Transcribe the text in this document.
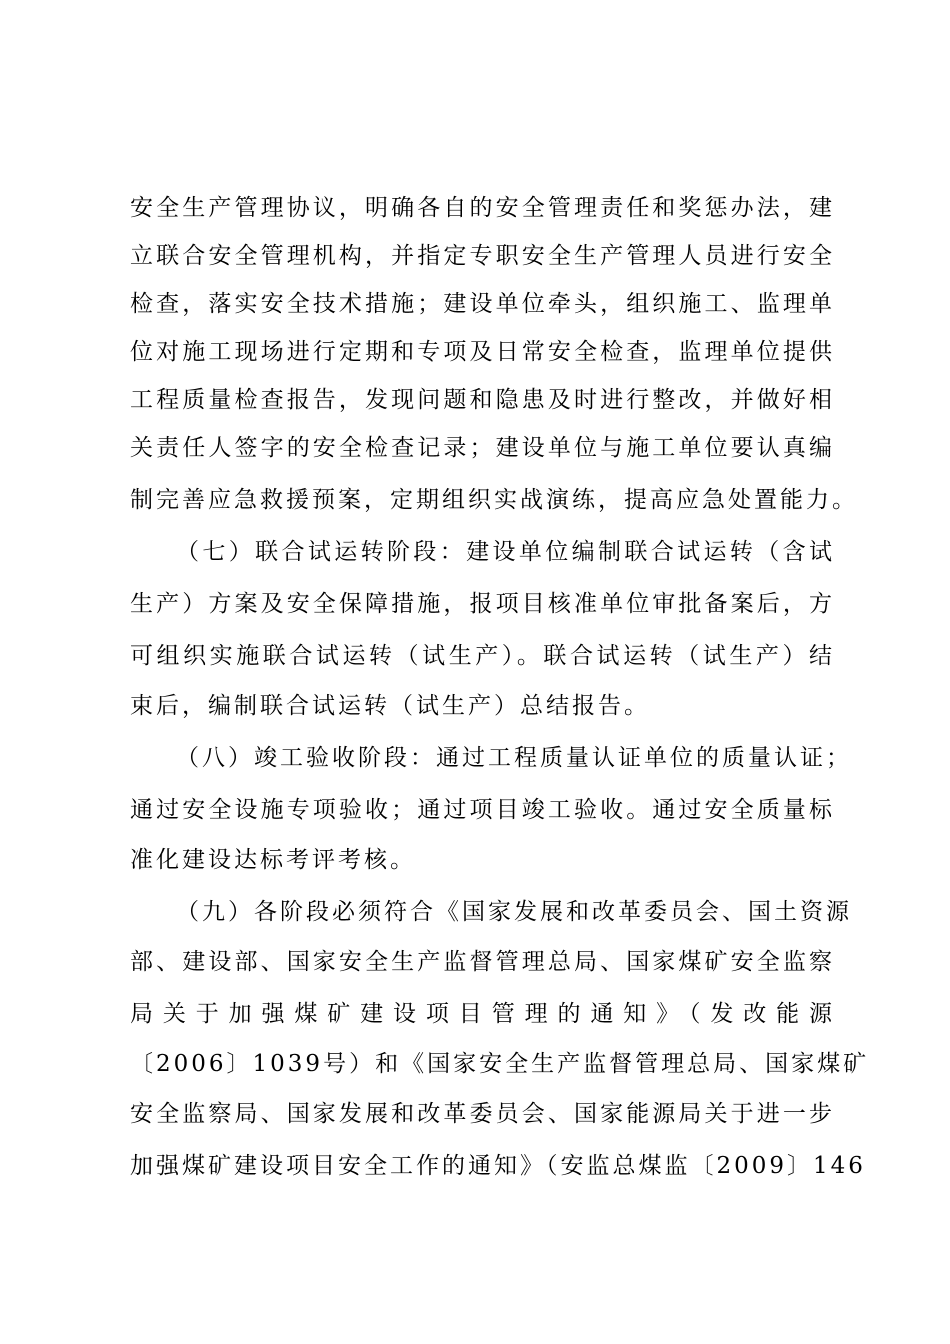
安全生产管理协议，明确各自的安全管理责任和奖惩办法，建
立联合安全管理机构，并指定专职安全生产管理人员进行安全
检查，落实安全技术措施；建设单位牵头，组织施工、监理单
位对施工现场进行定期和专项及日常安全检查，监理单位提供
工程质量检查报告，发现问题和隐患及时进行整改，并做好相
关责任人签字的安全检查记录；建设单位与施工单位要认真编
制完善应急救援预案，定期组织实战演练，提高应急处置能力。
（七）联合试运转阶段：建设单位编制联合试运转（含试
生产）方案及安全保障措施，报项目核准单位审批备案后，方
可组织实施联合试运转（试生产）。联合试运转（试生产）结
束后，编制联合试运转（试生产）总结报告。
（八）竣工验收阶段：通过工程质量认证单位的质量认证；
通过安全设施专项验收；通过项目竣工验收。通过安全质量标
准化建设达标考评考核。
（九）各阶段必须符合《国家发展和改革委员会、国土资源
部、建设部、国家安全生产监督管理总局、国家煤矿安全监察
局关于加强煤矿建设项目管理的通知》（发改能源
〔2006〕1039号）和《国家安全生产监督管理总局、国家煤矿
安全监察局、国家发展和改革委员会、国家能源局关于进一步
加强煤矿建设项目安全工作的通知》（安监总煤监〔2009〕146
